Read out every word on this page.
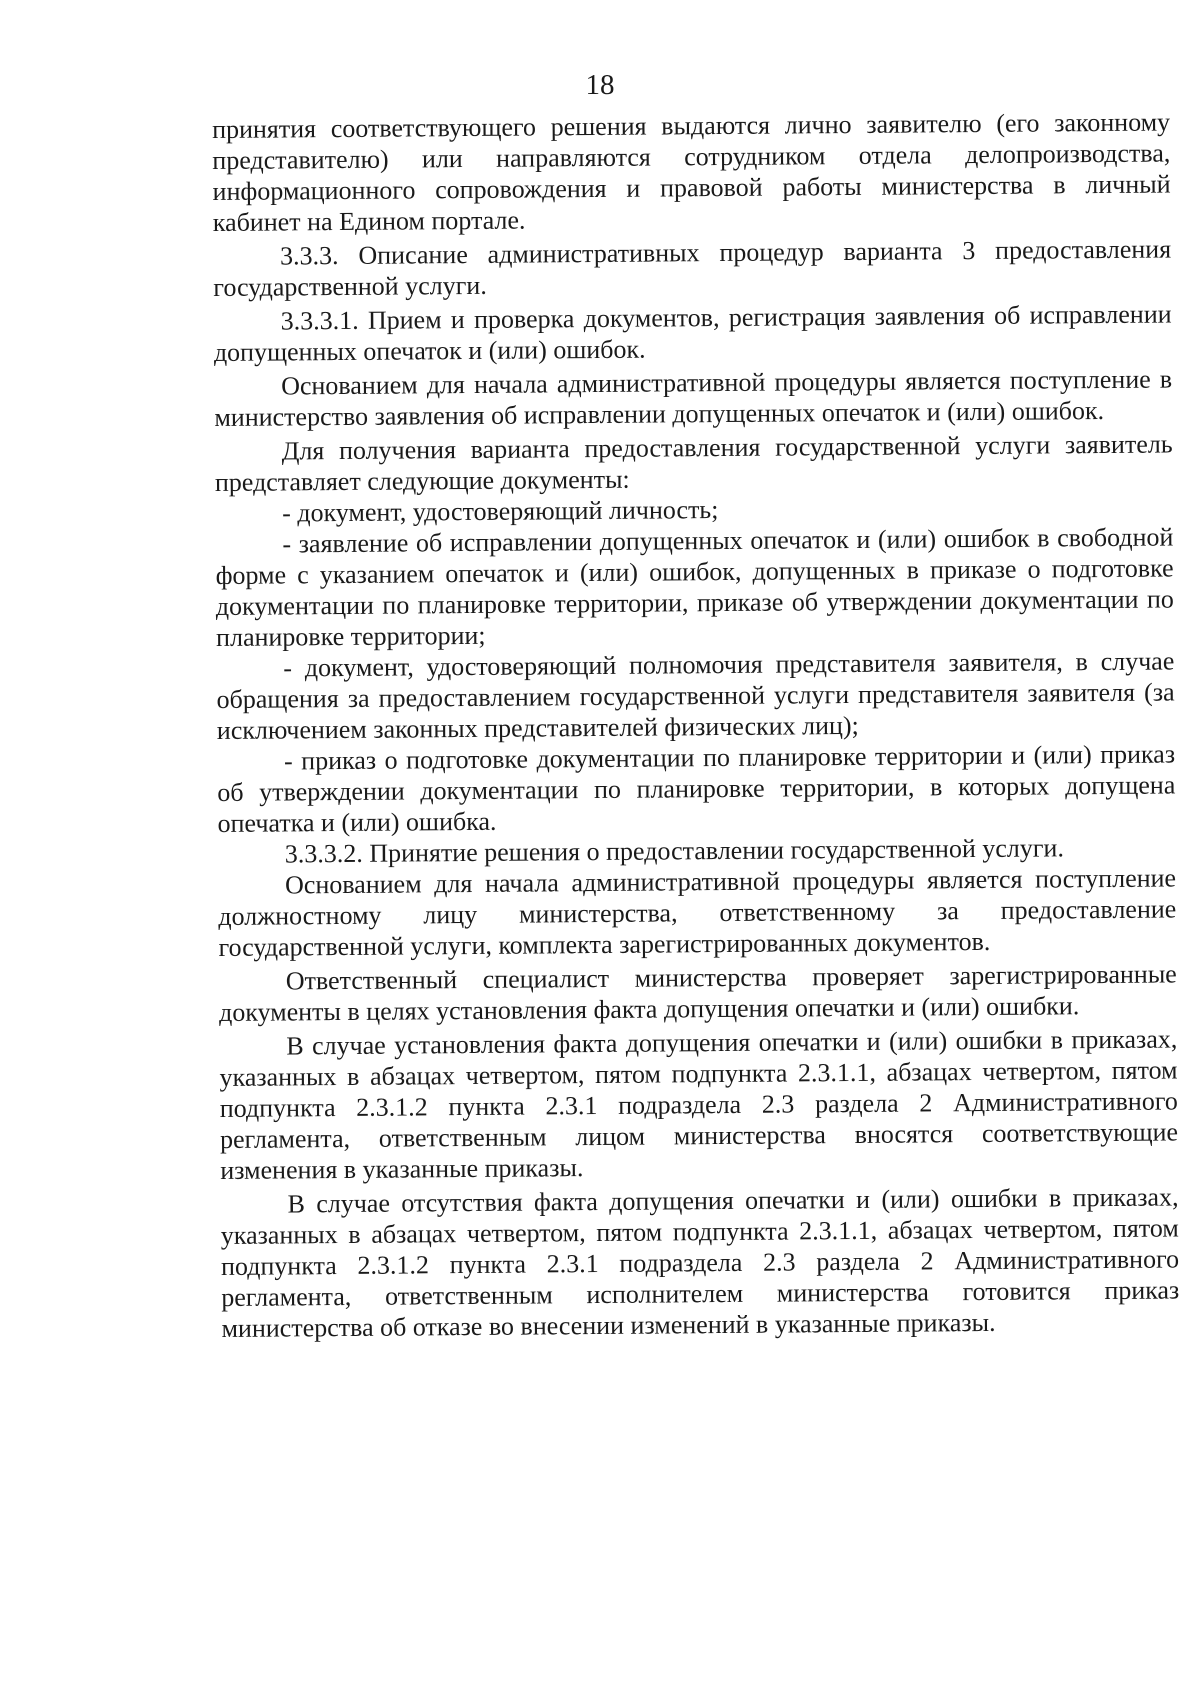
18

принятия соответствующего решения выдаются лично заявителю (его законному представителю) или направляются сотрудником отдела делопроизводства, информационного сопровождения и правовой работы министерства в личный кабинет на Едином портале.

3.3.3. Описание административных процедур варианта 3 предоставления государственной услуги.

3.3.3.1. Прием и проверка документов, регистрация заявления об исправлении допущенных опечаток и (или) ошибок.

Основанием для начала административной процедуры является поступление в министерство заявления об исправлении допущенных опечаток и (или) ошибок.

Для получения варианта предоставления государственной услуги заявитель представляет следующие документы:

- документ, удостоверяющий личность;

- заявление об исправлении допущенных опечаток и (или) ошибок в свободной форме с указанием опечаток и (или) ошибок, допущенных в приказе о подготовке документации по планировке территории, приказе об утверждении документации по планировке территории;

- документ, удостоверяющий полномочия представителя заявителя, в случае обращения за предоставлением государственной услуги представителя заявителя (за исключением законных представителей физических лиц);

- приказ о подготовке документации по планировке территории и (или) приказ об утверждении документации по планировке территории, в которых допущена опечатка и (или) ошибка.

3.3.3.2. Принятие решения о предоставлении государственной услуги.

Основанием для начала административной процедуры является поступление должностному лицу министерства, ответственному за предоставление государственной услуги, комплекта зарегистрированных документов.

Ответственный специалист министерства проверяет зарегистрированные документы в целях установления факта допущения опечатки и (или) ошибки.

В случае установления факта допущения опечатки и (или) ошибки в приказах, указанных в абзацах четвертом, пятом подпункта 2.3.1.1, абзацах четвертом, пятом подпункта 2.3.1.2 пункта 2.3.1 подраздела 2.3 раздела 2 Административного регламента, ответственным лицом министерства вносятся соответствующие изменения в указанные приказы.

В случае отсутствия факта допущения опечатки и (или) ошибки в приказах, указанных в абзацах четвертом, пятом подпункта 2.3.1.1, абзацах четвертом, пятом подпункта 2.3.1.2 пункта 2.3.1 подраздела 2.3 раздела 2 Административного регламента, ответственным исполнителем министерства готовится приказ министерства об отказе во внесении изменений в указанные приказы.
